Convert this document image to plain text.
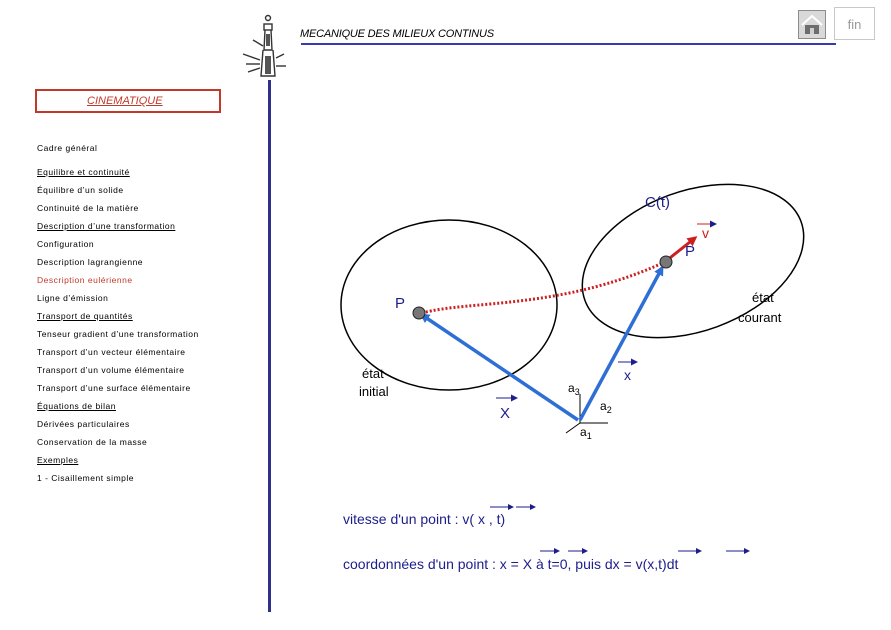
MECANIQUE DES MILIEUX CONTINUS
fin
CINEMATIQUE
Cadre général
Equilibre et continuité
Équilibre d’un solide
Continuité de la matière
Description d’une transformation
Configuration
Description lagrangienne
Description eulérienne
Ligne d’émission
Transport de quantités
Tenseur gradient d’une transformation
Transport d’un vecteur élémentaire
Transport d’un volume élémentaire
Transport d’une surface élémentaire
Équations de bilan
Dérivées particulaires
Conservation de la masse
Exemples
1 - Cisaillement simple
C(t)
v
P
P	état
courant
état
initial
x
X
$a_3$
$a_2$
$a_1$
vitesse d'un point : v( x , t)
coordonnées d'un point : x = X à t=0, puis dx = v(x,t)dt
